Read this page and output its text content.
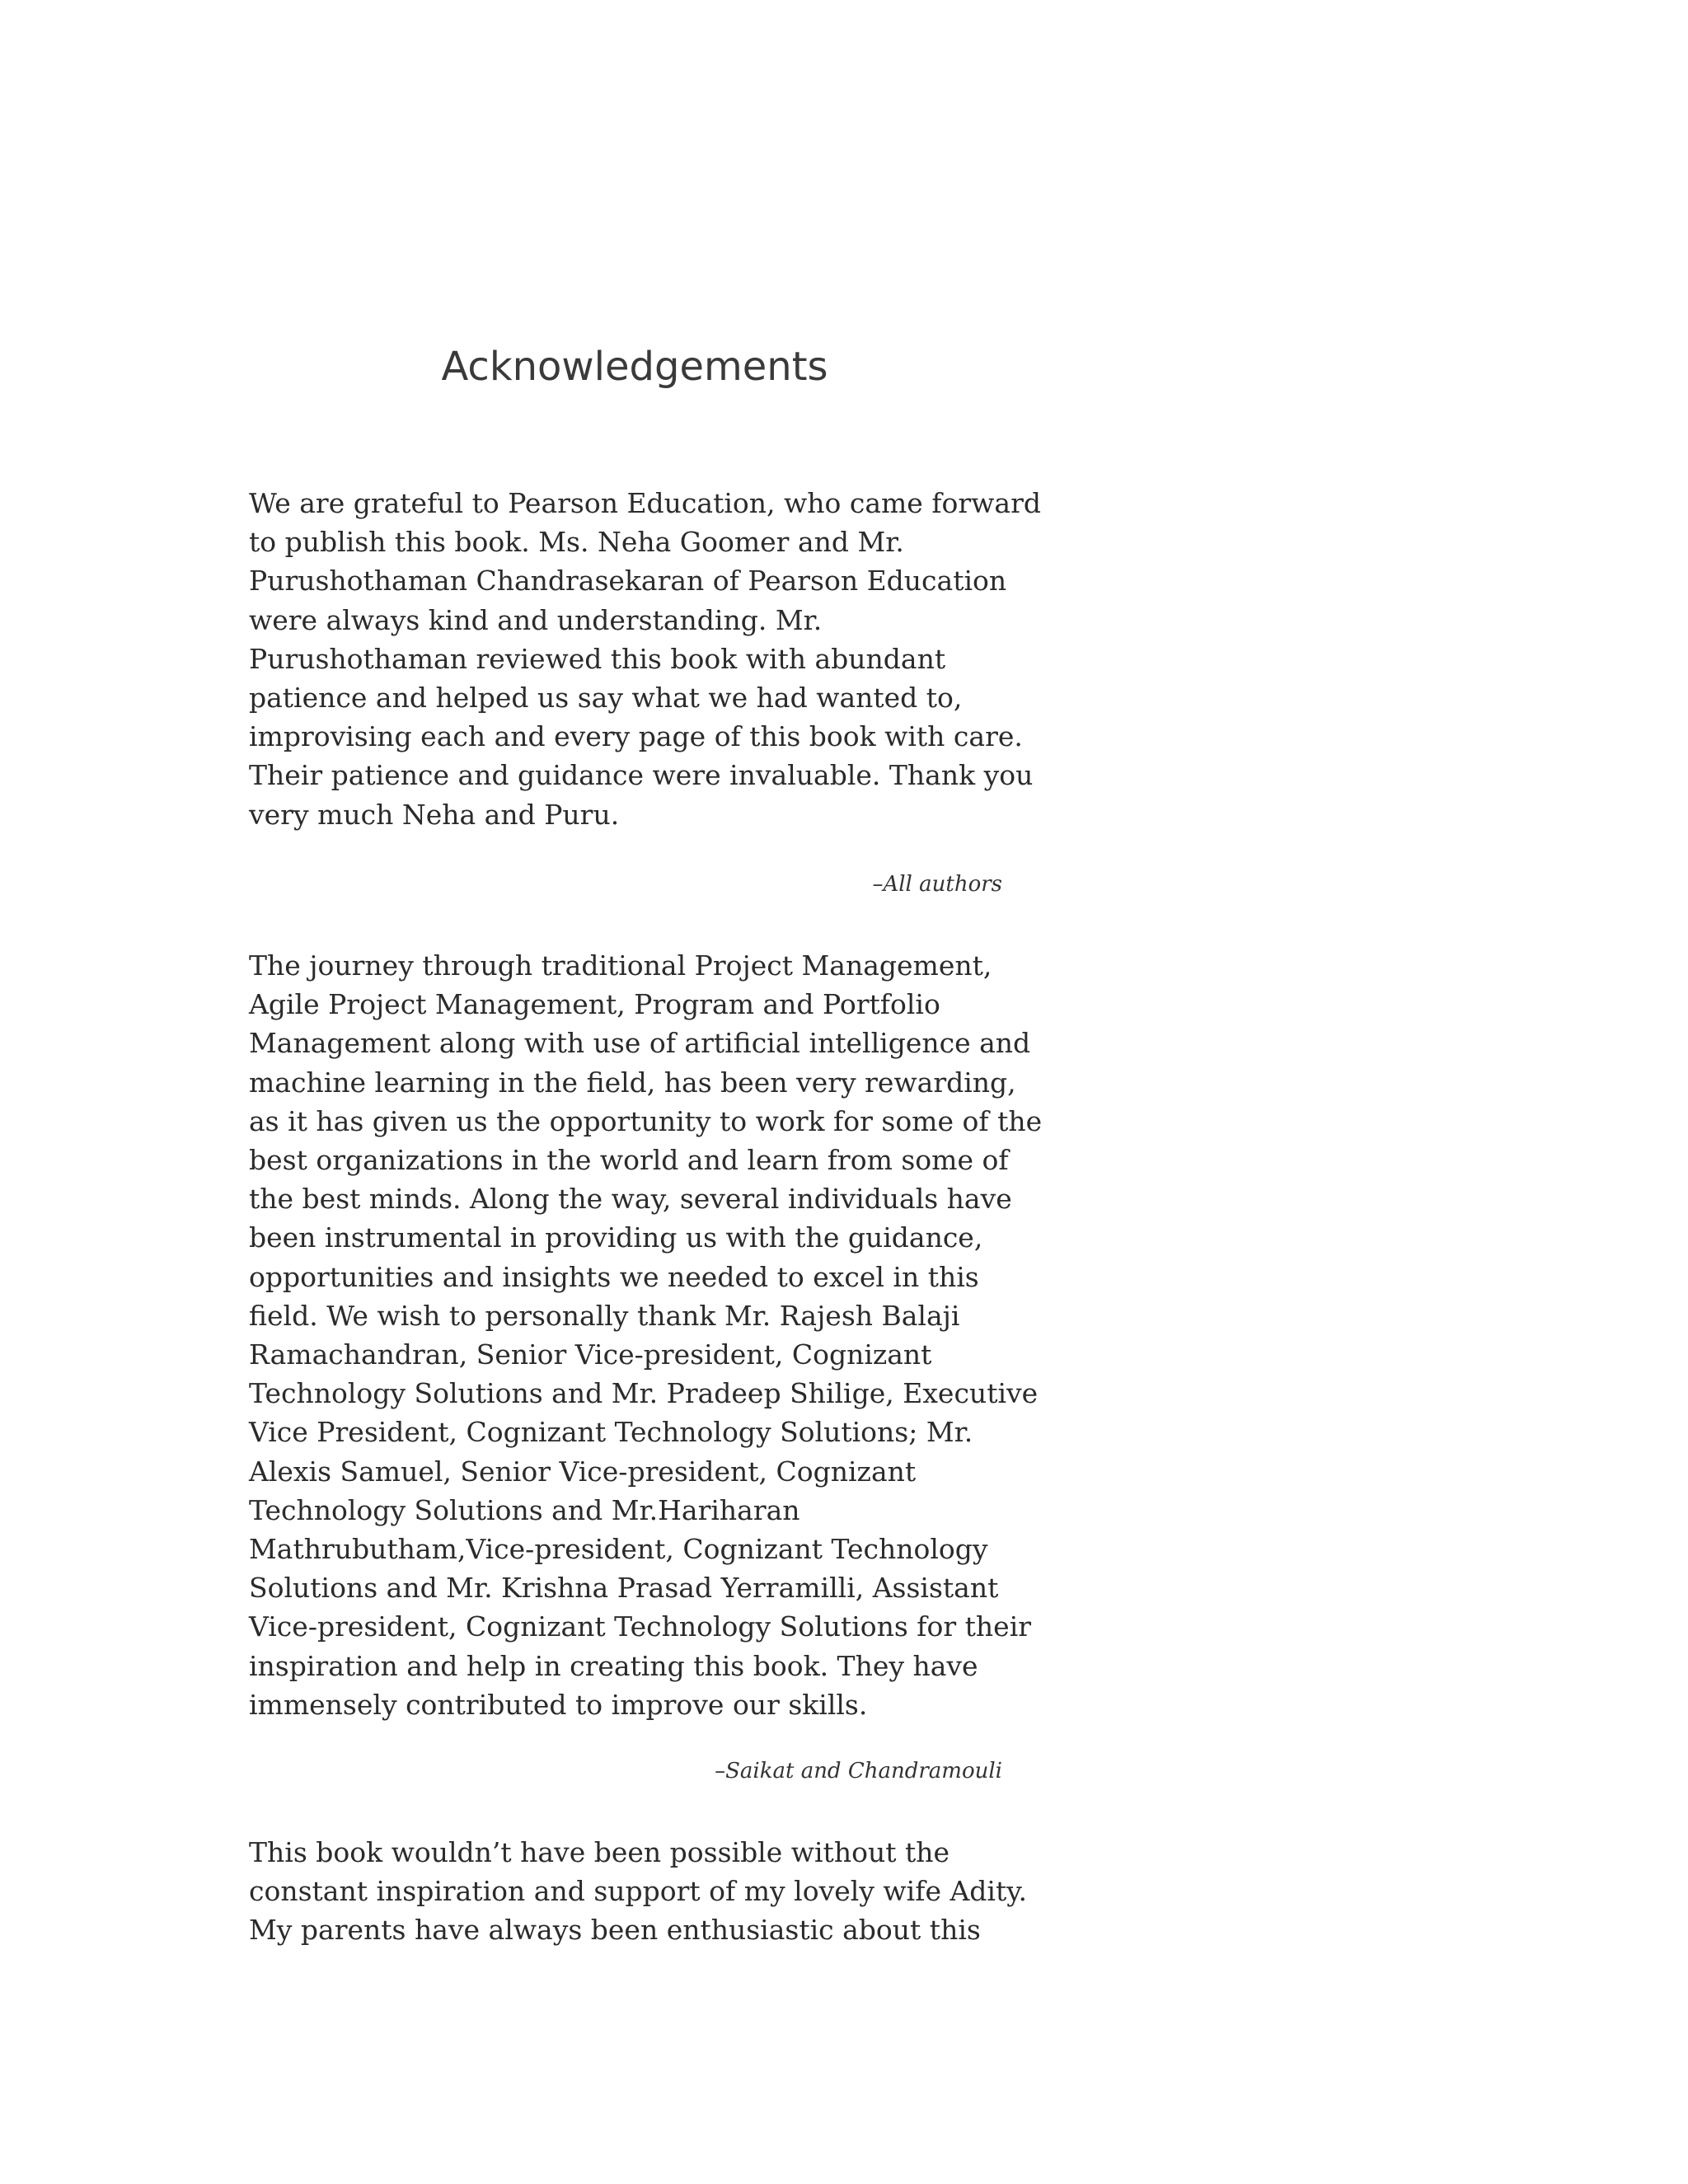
Acknowledgements

We are grateful to Pearson Education, who came forward
to publish this book. Ms. Neha Goomer and Mr.
Purushothaman Chandrasekaran of Pearson Education
were always kind and understanding. Mr.
Purushothaman reviewed this book with abundant
patience and helped us say what we had wanted to,
improvising each and every page of this book with care.
Their patience and guidance were invaluable. Thank you
very much Neha and Puru.

–All authors

The journey through traditional Project Management,
Agile Project Management, Program and Portfolio
Management along with use of artificial intelligence and
machine learning in the field, has been very rewarding,
as it has given us the opportunity to work for some of the
best organizations in the world and learn from some of
the best minds. Along the way, several individuals have
been instrumental in providing us with the guidance,
opportunities and insights we needed to excel in this
field. We wish to personally thank Mr. Rajesh Balaji
Ramachandran, Senior Vice-president, Cognizant
Technology Solutions and Mr. Pradeep Shilige, Executive
Vice President, Cognizant Technology Solutions; Mr.
Alexis Samuel, Senior Vice-president, Cognizant
Technology Solutions and Mr.Hariharan
Mathrubutham,Vice-president, Cognizant Technology
Solutions and Mr. Krishna Prasad Yerramilli, Assistant
Vice-president, Cognizant Technology Solutions for their
inspiration and help in creating this book. They have
immensely contributed to improve our skills.

–Saikat and Chandramouli

This book wouldn’t have been possible without the
constant inspiration and support of my lovely wife Adity.
My parents have always been enthusiastic about this
